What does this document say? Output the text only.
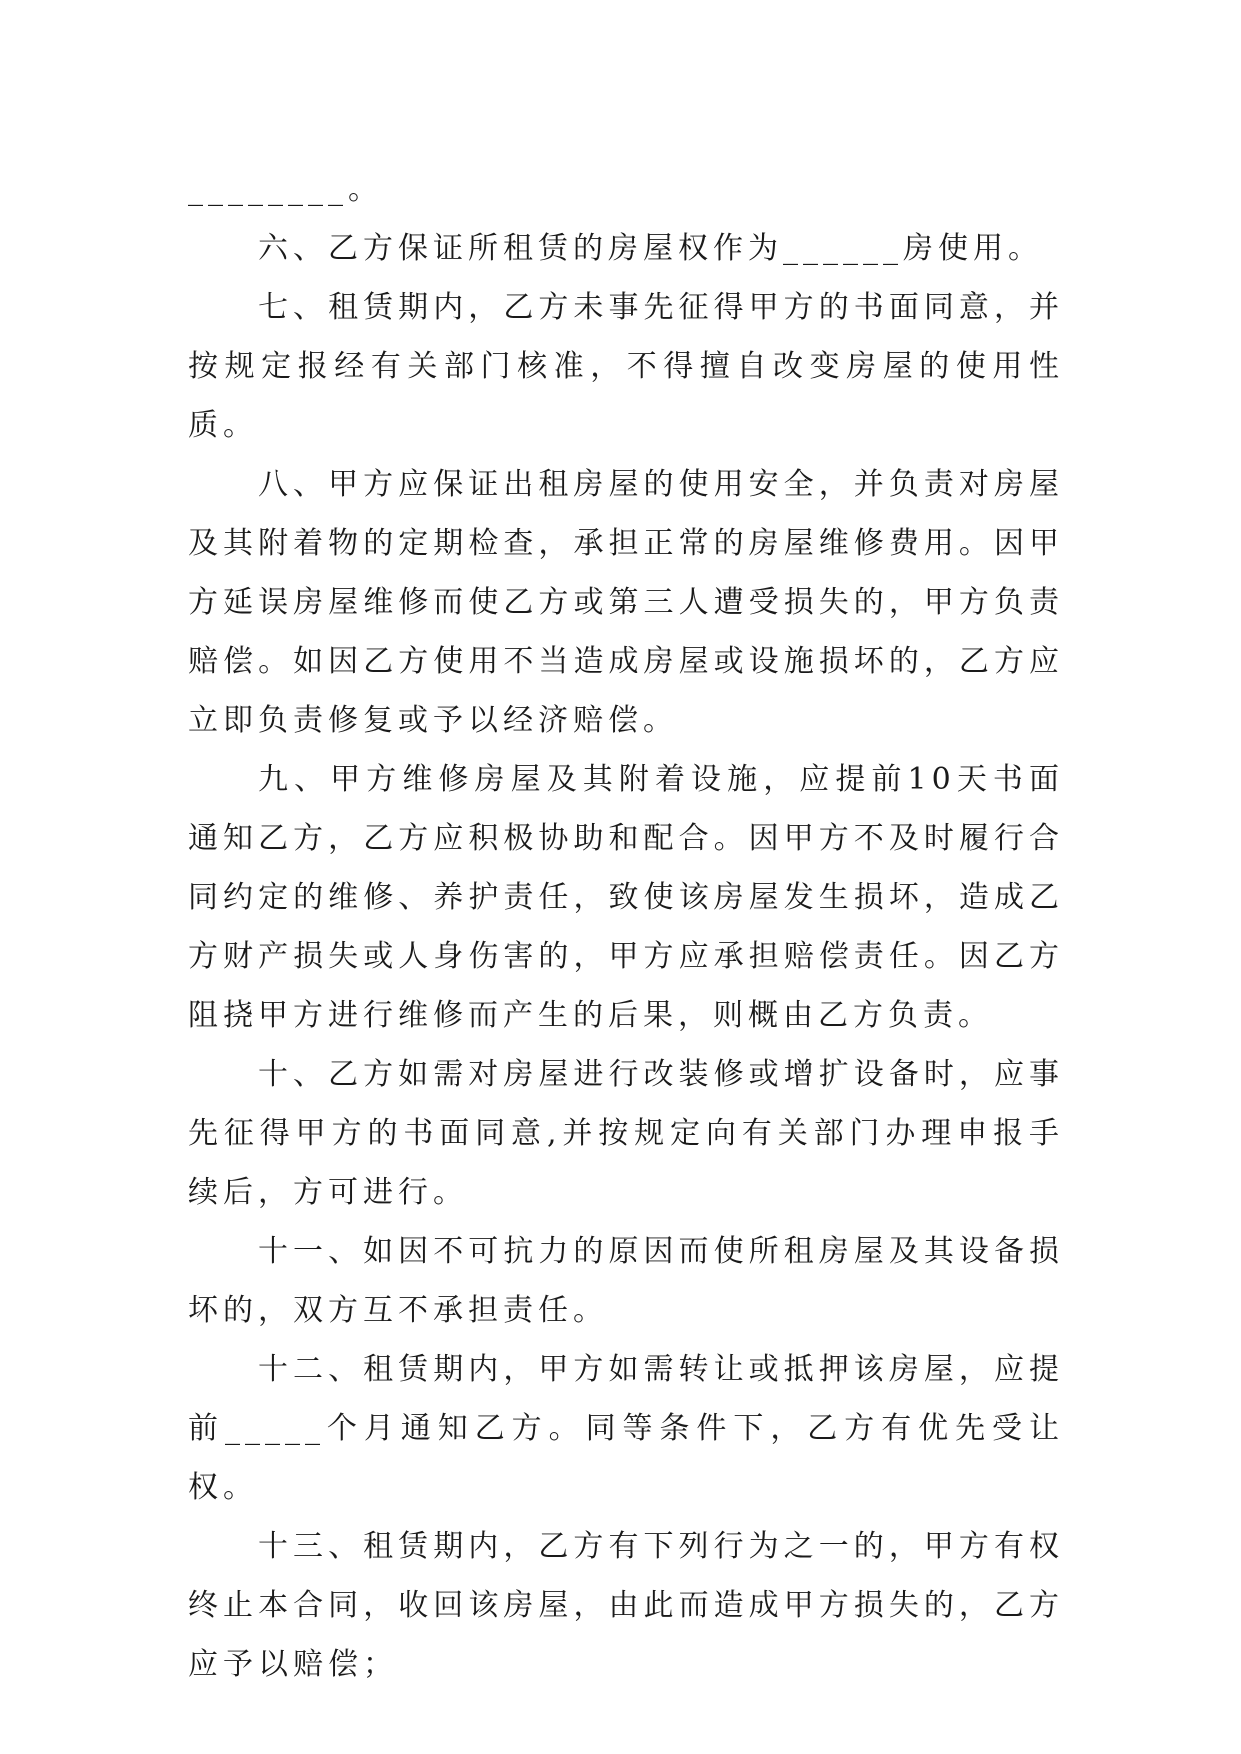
________。

六、乙方保证所租赁的房屋权作为______房使用。

七、租赁期内，乙方未事先征得甲方的书面同意，并按规定报经有关部门核准，不得擅自改变房屋的使用性质。

八、甲方应保证出租房屋的使用安全，并负责对房屋及其附着物的定期检查，承担正常的房屋维修费用。因甲方延误房屋维修而使乙方或第三人遭受损失的，甲方负责赔偿。如因乙方使用不当造成房屋或设施损坏的，乙方应立即负责修复或予以经济赔偿。

九、甲方维修房屋及其附着设施，应提前10天书面通知乙方，乙方应积极协助和配合。因甲方不及时履行合同约定的维修、养护责任，致使该房屋发生损坏，造成乙方财产损失或人身伤害的，甲方应承担赔偿责任。因乙方阻挠甲方进行维修而产生的后果，则概由乙方负责。

十、乙方如需对房屋进行改装修或增扩设备时，应事先征得甲方的书面同意,并按规定向有关部门办理申报手续后，方可进行。

十一、如因不可抗力的原因而使所租房屋及其设备损坏的，双方互不承担责任。

十二、租赁期内，甲方如需转让或抵押该房屋，应提前_____个月通知乙方。同等条件下，乙方有优先受让权。

十三、租赁期内，乙方有下列行为之一的，甲方有权终止本合同，收回该房屋，由此而造成甲方损失的，乙方应予以赔偿；
